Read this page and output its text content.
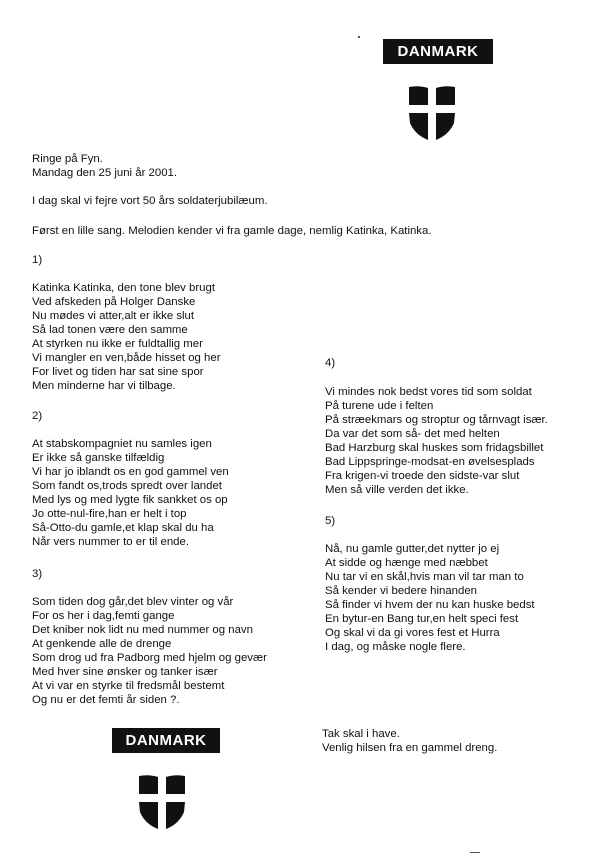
DANMARK
Ringe på Fyn.
Mandag den 25 juni år 2001.
I dag skal vi fejre vort 50 års soldaterjubilæum.
Først en lille sang. Melodien kender vi fra gamle dage, nemlig Katinka, Katinka.
1)
Katinka Katinka, den tone blev brugt
Ved afskeden på Holger Danske
Nu mødes vi atter,alt er ikke slut
Så lad tonen være den samme
At styrken nu ikke er fuldtallig mer
Vi mangler en ven,både hisset og her
For livet og tiden har sat sine spor
Men minderne har vi tilbage.
2)
At stabskompagniet nu samles igen
Er ikke så ganske tilfældig
Vi har jo iblandt os en god gammel ven
Som fandt os,trods spredt over landet
Med lys og med lygte fik sankket os op
Jo otte-nul-fire,han er helt i top
Så-Otto-du gamle,et klap skal du ha
Når vers nummer to er til ende.
3)
Som tiden dog går,det blev vinter og vår
For os her i dag,femti gange
Det kniber nok lidt nu med nummer og navn
At genkende alle de drenge
Som drog ud fra Padborg med hjelm og gevær
Med hver sine ønsker og tanker især
At vi var en styrke til fredsmål bestemt
Og nu er det femti år siden ?.
4)
Vi mindes nok bedst vores tid som soldat
På turene ude i felten
På stræekmars og stroptur og tårnvagt især.
Da var det som så- det med helten
Bad Harzburg skal huskes som fridagsbillet
Bad Lippspringe-modsat-en øvelsesplads
Fra krigen-vi troede den sidste-var slut
Men så ville verden det ikke.
5)
Nå, nu gamle gutter,det nytter jo ej
At sidde og hænge med næbbet
Nu tar vi en skål,hvis man vil tar man to
Så kender vi bedere hinanden
Så finder vi hvem der nu kan huske bedst
En bytur-en Bang tur,en helt speci fest
Og skal vi da gi vores fest et Hurra
I dag, og måske nogle flere.
DANMARK	Tak skal i have.
Venlig hilsen fra en gammel dreng.
